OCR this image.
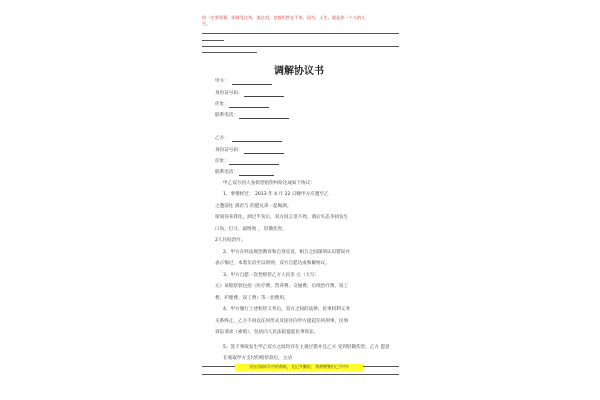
你一定要坚强，即使受过伤，流过泪，也都仍然在不来。因为，人生，就是你一个人的人
生。
调解协议书
甲方：
身份证号码：
住址：
联系电话：
乙方：
身份证号码：
住址：
联系电话：
甲乙双方因人身损害赔偿纠纷达成如下协议：
1、事情经过： 2013 年 4 月 22 日晚甲方应邀至乙
之邀前往 酒店与 的盟兄弟一起喝酒。
席间你来我往，酒过半旬后，双方因言语不周，酒后失态争执发生
口角、打斗，最终致 ， 轻微伤害，
2人住院治疗。
2、甲方在经法规治教育和自身反省，相互之间深刻认识错误并
表示悔过，本着友谊至以原则，双方自愿达成和解协议。
3、甲方自愿一次性赔偿乙方人民币 元（大写：
元）该赔偿款包括（医疗费、营养费、交通费、后续治疗费、误工
费、护理费、误工费）等一切费用。
4、甲方履行上述赔偿义务后，双方之间的法律、民事权利义务
关系终止，乙方不再以任何形式及途径向甲方提起任何刑事、民事
诉讼请求（索赔），包括向人民法院提起民事诉讼。
5、签于事故发生甲乙双方之间均存在主观过错并且乙方 受到轻微伤害，乙方 愿意在收取甲方支付的赔偿款后，主动
(由这如同半中的黄纸，尤记多勤折，将黄赠签但已平中)
